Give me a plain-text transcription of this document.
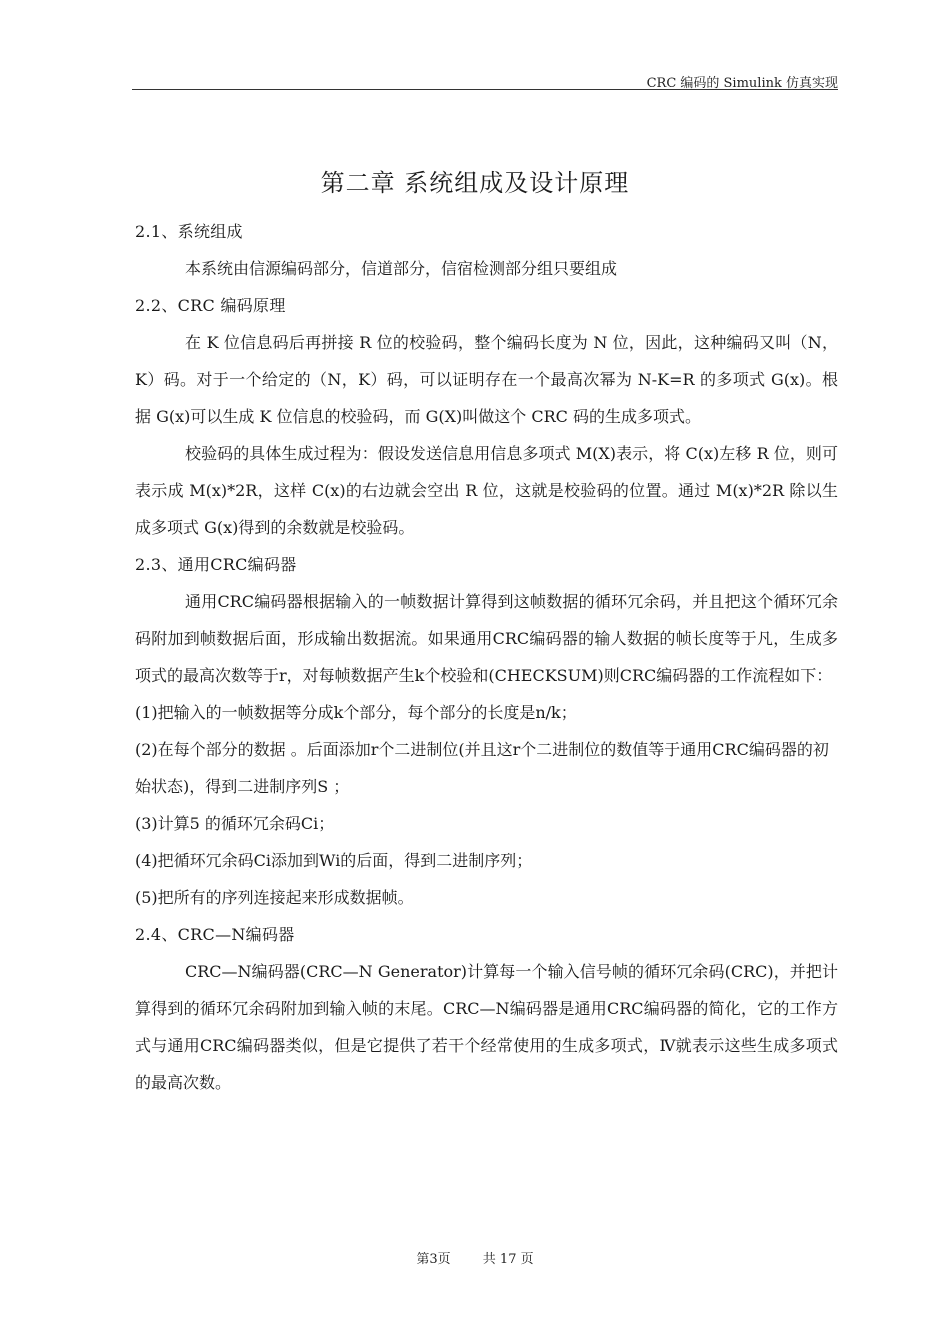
CRC 编码的 Simulink 仿真实现
第二章 系统组成及设计原理

2.1、系统组成

本系统由信源编码部分，信道部分，信宿检测部分组只要组成

2.2、CRC 编码原理

在 K 位信息码后再拼接 R 位的校验码，整个编码长度为 N 位，因此，这种编码又叫（N，K）码。对于一个给定的（N，K）码，可以证明存在一个最高次幂为 N-K=R 的多项式 G(x)。根据 G(x)可以生成 K 位信息的校验码，而 G(X)叫做这个 CRC 码的生成多项式。

校验码的具体生成过程为：假设发送信息用信息多项式 M(X)表示，将 C(x)左移 R 位，则可表示成 M(x)*2R，这样 C(x)的右边就会空出 R 位，这就是校验码的位置。通过 M(x)*2R 除以生成多项式 G(x)得到的余数就是校验码。

2.3、通用CRC编码器

通用CRC编码器根据输入的一帧数据计算得到这帧数据的循环冗余码，并且把这个循环冗余码附加到帧数据后面，形成输出数据流。如果通用CRC编码器的输人数据的帧长度等于凡，生成多项式的最高次数等于r，对每帧数据产生k个校验和(CHECKSUM)则CRC编码器的工作流程如下：

(1)把输入的一帧数据等分成k个部分，每个部分的长度是n/k；

(2)在每个部分的数据 。后面添加r个二进制位(并且这r个二进制位的数值等于通用CRC编码器的初始状态)，得到二进制序列S ；

(3)计算5 的循环冗余码Ci；

(4)把循环冗余码Ci添加到Wi的后面，得到二进制序列；

(5)把所有的序列连接起来形成数据帧。

2.4、CRC—N编码器

CRC—N编码器(CRC—N Generator)计算每一个输入信号帧的循环冗余码(CRC)，并把计算得到的循环冗余码附加到输入帧的末尾。CRC—N编码器是通用CRC编码器的简化，它的工作方式与通用CRC编码器类似，但是它提供了若干个经常使用的生成多项式，Ⅳ就表示这些生成多项式的最高次数。

第3页 共 17 页
